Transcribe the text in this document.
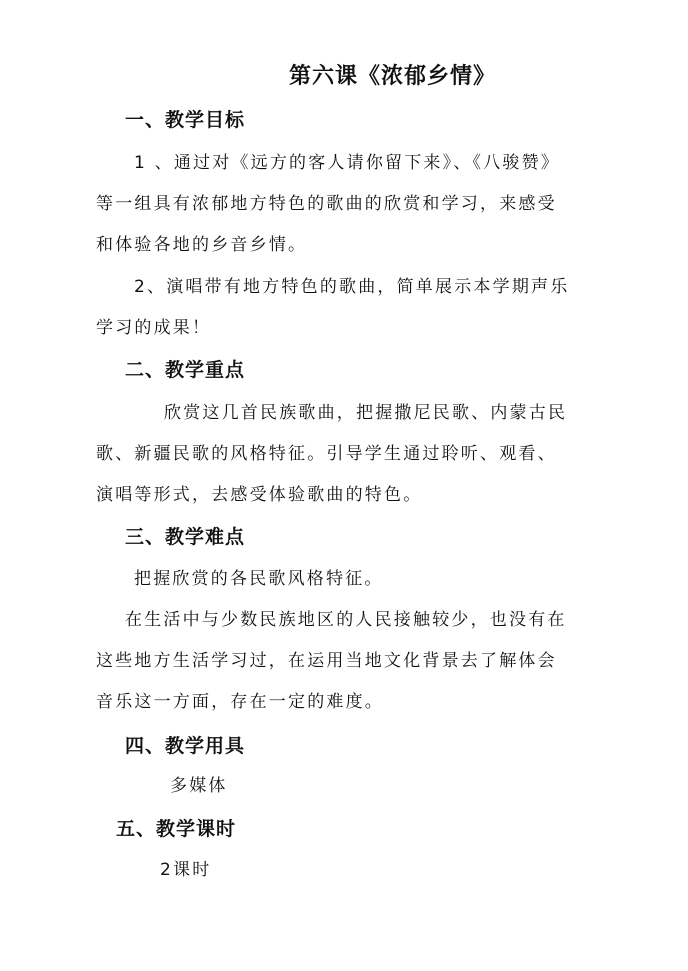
第六课《浓郁乡情》
一、教学目标
1 、通过对《远方的客人请你留下来》、《八骏赞》
等一组具有浓郁地方特色的歌曲的欣赏和学习，来感受
和体验各地的乡音乡情。
2、演唱带有地方特色的歌曲，简单展示本学期声乐
学习的成果！
二、教学重点
欣赏这几首民族歌曲，把握撒尼民歌、内蒙古民
歌、新疆民歌的风格特征。引导学生通过聆听、观看、
演唱等形式，去感受体验歌曲的特色。
三、教学难点
把握欣赏的各民歌风格特征。
在生活中与少数民族地区的人民接触较少，也没有在
这些地方生活学习过，在运用当地文化背景去了解体会
音乐这一方面，存在一定的难度。
四、教学用具
多媒体
五、教学课时
2课时
